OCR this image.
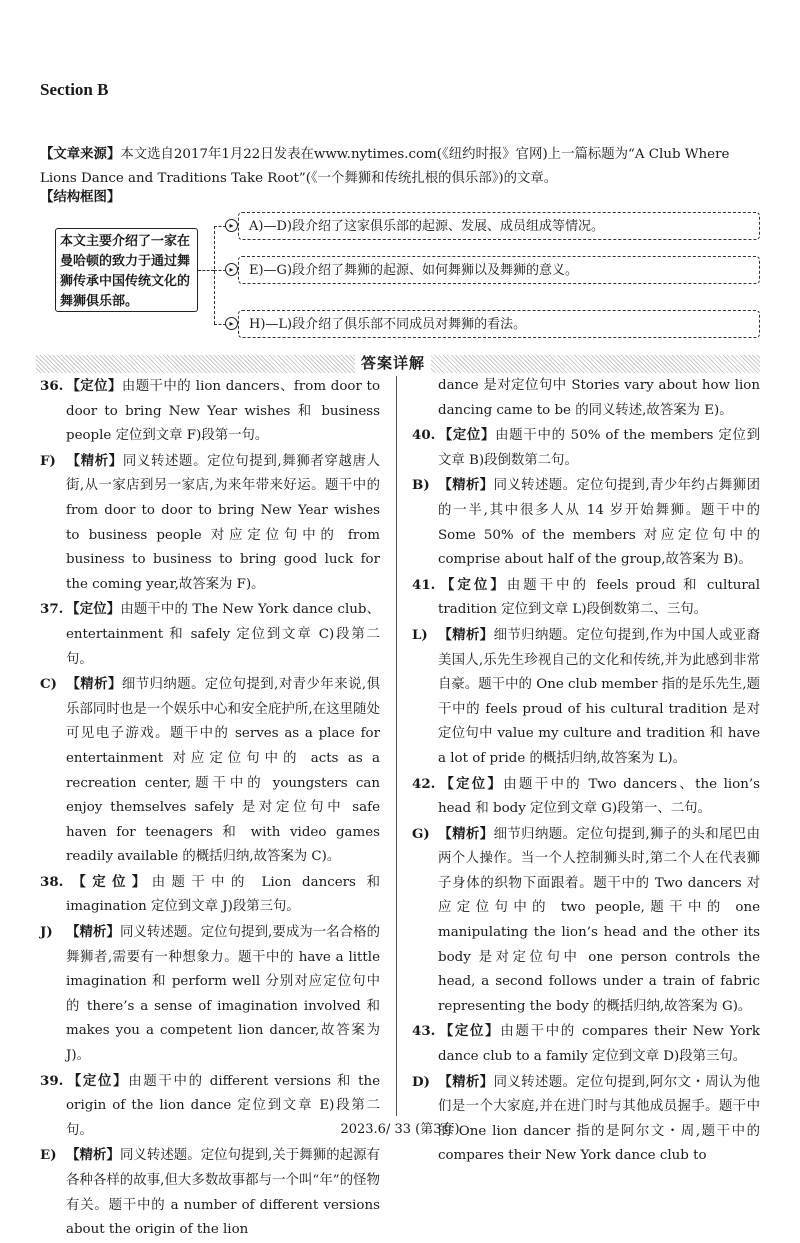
Section B
【文章来源】本文选自2017年1月22日发表在www.nytimes.com(《纽约时报》官网)上一篇标题为“A Club Where Lions Dance and Traditions Take Root”(《一个舞狮和传统扎根的俱乐部》)的文章。
【结构框图】
本文主要介绍了一家在曼哈顿的致力于通过舞狮传承中国传统文化的舞狮俱乐部。
▸
▸
▸
A)—D)段介绍了这家俱乐部的起源、发展、成员组成等情况。
E)—G)段介绍了舞狮的起源、如何舞狮以及舞狮的意义。
H)—L)段介绍了俱乐部不同成员对舞狮的看法。
答案详解

36. 【定位】由题干中的 lion dancers、from door to door to bring New Year wishes 和 business people 定位到文章 F)段第一句。

F) 【精析】同义转述题。定位句提到,舞狮者穿越唐人街,从一家店到另一家店,为来年带来好运。题干中的 from door to door to bring New Year wishes to business people 对应定位句中的 from business to business to bring good luck for the coming year,故答案为 F)。

37. 【定位】由题干中的 The New York dance club、entertainment 和 safely 定位到文章 C)段第二句。

C) 【精析】细节归纳题。定位句提到,对青少年来说,俱乐部同时也是一个娱乐中心和安全庇护所,在这里随处可见电子游戏。题干中的 serves as a place for entertainment 对应定位句中的 acts as a recreation center,题干中的 youngsters can enjoy themselves safely 是对定位句中 safe haven for teenagers 和 with video games readily available 的概括归纳,故答案为 C)。

38. 【定位】由题干中的 Lion dancers 和 imagination 定位到文章 J)段第三句。

J) 【精析】同义转述题。定位句提到,要成为一名合格的舞狮者,需要有一种想象力。题干中的 have a little imagination 和 perform well 分别对应定位句中的 there’s a sense of imagination involved 和 makes you a competent lion dancer,故答案为 J)。

39. 【定位】由题干中的 different versions 和 the origin of the lion dance 定位到文章 E)段第二句。

E) 【精析】同义转述题。定位句提到,关于舞狮的起源有各种各样的故事,但大多数故事都与一个叫“年”的怪物有关。题干中的 a number of different versions about the origin of the lion

dance 是对定位句中 Stories vary about how lion dancing came to be 的同义转述,故答案为 E)。

40. 【定位】由题干中的 50% of the members 定位到文章 B)段倒数第二句。

B) 【精析】同义转述题。定位句提到,青少年约占舞狮团的一半,其中很多人从 14 岁开始舞狮。题干中的 Some 50% of the members 对应定位句中的 comprise about half of the group,故答案为 B)。

41. 【定位】由题干中的 feels proud 和 cultural tradition 定位到文章 L)段倒数第二、三句。

L) 【精析】细节归纳题。定位句提到,作为中国人或亚裔美国人,乐先生珍视自己的文化和传统,并为此感到非常自豪。题干中的 One club member 指的是乐先生,题干中的 feels proud of his cultural tradition 是对定位句中 value my culture and tradition 和 have a lot of pride 的概括归纳,故答案为 L)。

42. 【定位】由题干中的 Two dancers、the lion’s head 和 body 定位到文章 G)段第一、二句。

G) 【精析】细节归纳题。定位句提到,狮子的头和尾巴由两个人操作。当一个人控制狮头时,第二个人在代表狮子身体的织物下面跟着。题干中的 Two dancers 对应定位句中的 two people,题干中的 one manipulating the lion’s head and the other its body 是对定位句中 one person controls the head, a second follows under a train of fabric representing the body 的概括归纳,故答案为 G)。

43. 【定位】由题干中的 compares their New York dance club to a family 定位到文章 D)段第三句。

D) 【精析】同义转述题。定位句提到,阿尔文・周认为他们是一个大家庭,并在进门时与其他成员握手。题干中的 One lion dancer 指的是阿尔文・周,题干中的 compares their New York dance club to

2023.6/ 33 (第3套)
